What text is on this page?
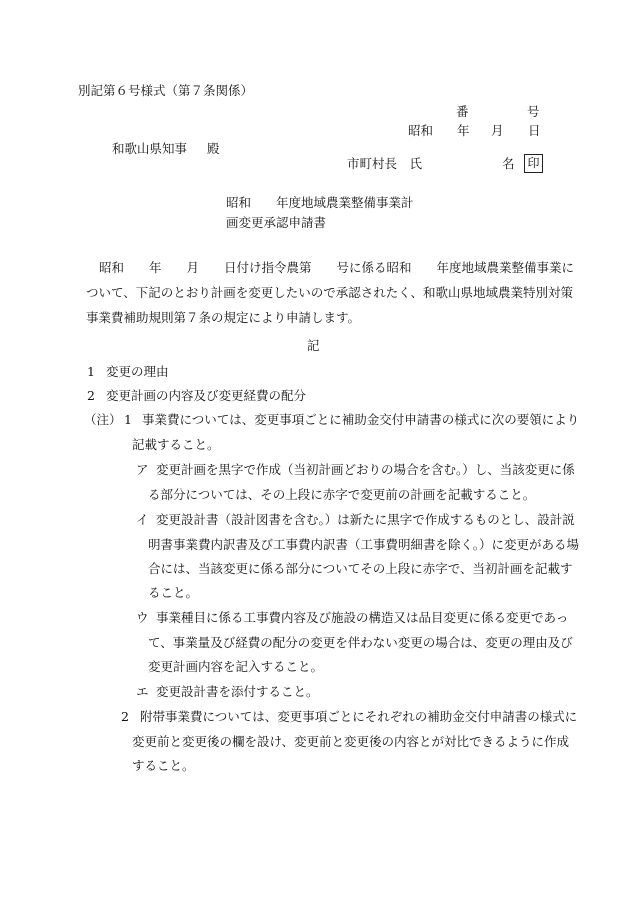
別記第６号様式（第７条関係）
番	号
昭和 年 月 日
和歌山県知事 殿
市町村長　氏	名 印
昭和　　年度地域農業整備事業計
画変更承認申請書
昭和　　年　　月　　日付け指令農第　　号に係る昭和　　年度地域農業整備事業に
ついて、下記のとおり計画を変更したいので承認されたく、和歌山県地域農業特別対策
事業費補助規則第７条の規定により申請します。
記
1 変更の理由
2 変更計画の内容及び変更経費の配分
（注） 1 事業費については、変更事項ごとに補助金交付申請書の様式に次の要領により
記載すること。
ア 変更計画を黒字で作成（当初計画どおりの場合を含む。）し、当該変更に係
る部分については、その上段に赤字で変更前の計画を記載すること。
イ 変更設計書（設計図書を含む。）は新たに黒字で作成するものとし、設計説
明書事業費内訳書及び工事費内訳書（工事費明細書を除く。）に変更がある場
合には、当該変更に係る部分についてその上段に赤字で、当初計画を記載す
ること。
ウ 事業種目に係る工事費内容及び施設の構造又は品目変更に係る変更であっ
て、事業量及び経費の配分の変更を伴わない変更の場合は、変更の理由及び
変更計画内容を記入すること。
エ 変更設計書を添付すること。
2 附帯事業費については、変更事項ごとにそれぞれの補助金交付申請書の様式に
変更前と変更後の欄を設け、変更前と変更後の内容とが対比できるように作成
すること。
